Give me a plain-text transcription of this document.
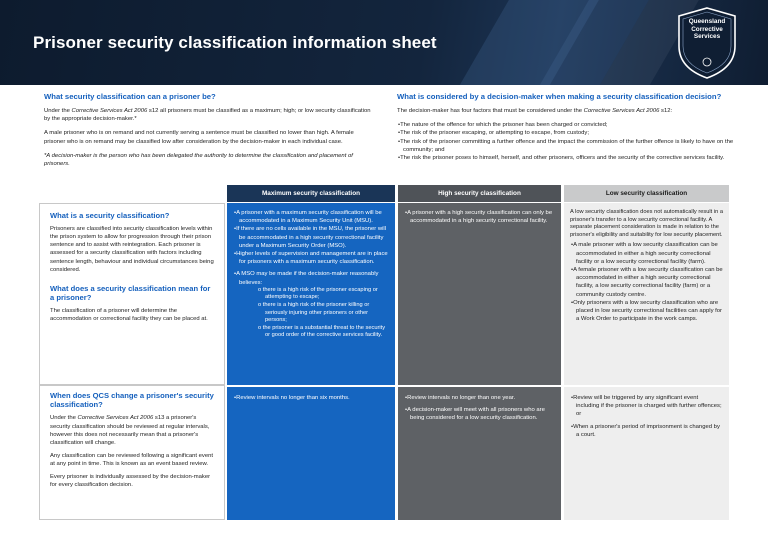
Prisoner security classification information sheet
Queensland
Corrective
Services
What security classification can a prisoner be?

Under the Corrective Services Act 2006 s12 all prisoners must be classified as a maximum; high; or low security classification by the appropriate decision-maker.*

A male prisoner who is on remand and not currently serving a sentence must be classified no lower than high. A female prisoner who is on remand may be classified low after consideration by the decision-maker in each individual case.

*A decision-maker is the person who has been delegated the authority to determine the classification and placement of prisoners.

What is considered by a decision-maker when making a security classification decision?

The decision-maker has four factors that must be considered under the Corrective Services Act 2006 s12:

• The nature of the offence for which the prisoner has been charged or convicted;
• The risk of the prisoner escaping, or attempting to escape, from custody;
• The risk of the prisoner committing a further offence and the impact the commission of the further offence is likely to have on the community; and
• The risk the prisoner poses to himself, herself, and other prisoners, officers and the security of the corrective services facility.
Maximum security classification	High security classification	Low security classification
What is a security classification?

Prisoners are classified into security classification levels within the prison system to allow for progression through their prison sentence and to assist with reintegration. Each prisoner is assessed for a security classification with factors including sentence length, behaviour and individual circumstances being considered.

What does a security classification mean for a prisoner?

The classification of a prisoner will determine the accommodation or correctional facility they can be placed at.

When does QCS change a prisoner's security classification?

Under the Corrective Services Act 2006 s13 a prisoner's security classification should be reviewed at regular intervals, however this does not necessarily mean that a prisoner's classification will change.

Any classification can be reviewed following a significant event at any point in time. This is known as an event based review.

Every prisoner is individually assessed by the decision-maker for every classification decision.

• A prisoner with a maximum security classification will be accommodated in a Maximum Security Unit (MSU).
• If there are no cells available in the MSU, the prisoner will be accommodated in a high security correctional facility under a Maximum Security Order (MSO).
• Higher levels of supervision and management are in place for prisoners with a maximum security classification.
• A MSO may be made if the decision-maker reasonably believes:
o there is a high risk of the prisoner escaping or attempting to escape;
o there is a high risk of the prisoner killing or seriously injuring other prisoners or other persons;
o the prisoner is a substantial threat to the security or good order of the corrective services facility.
• A prisoner with a high security classification can only be accommodated in a high security correctional facility.

A low security classification does not automatically result in a prisoner's transfer to a low security correctional facility. A separate placement consideration is made in relation to the prisoner's eligibility and suitability for low security placement.

• A male prisoner with a low security classification can be accommodated in either a high security correctional facility or a low security correctional facility (farm).
• A female prisoner with a low security classification can be accommodated in either a high security correctional facility, a low security correctional facility (farm) or a community custody centre.
• Only prisoners with a low security classification who are placed in low security correctional facilities can apply for a Work Order to participate in the work camps.
• Review intervals no longer than six months.
•	Review intervals no longer than one year.
• A decision-maker will meet with all prisoners who are being considered for a low security classification.
• Review will be triggered by any significant event including if the prisoner is charged with further offences; or
• When a prisoner's period of imprisonment is changed by a court.
